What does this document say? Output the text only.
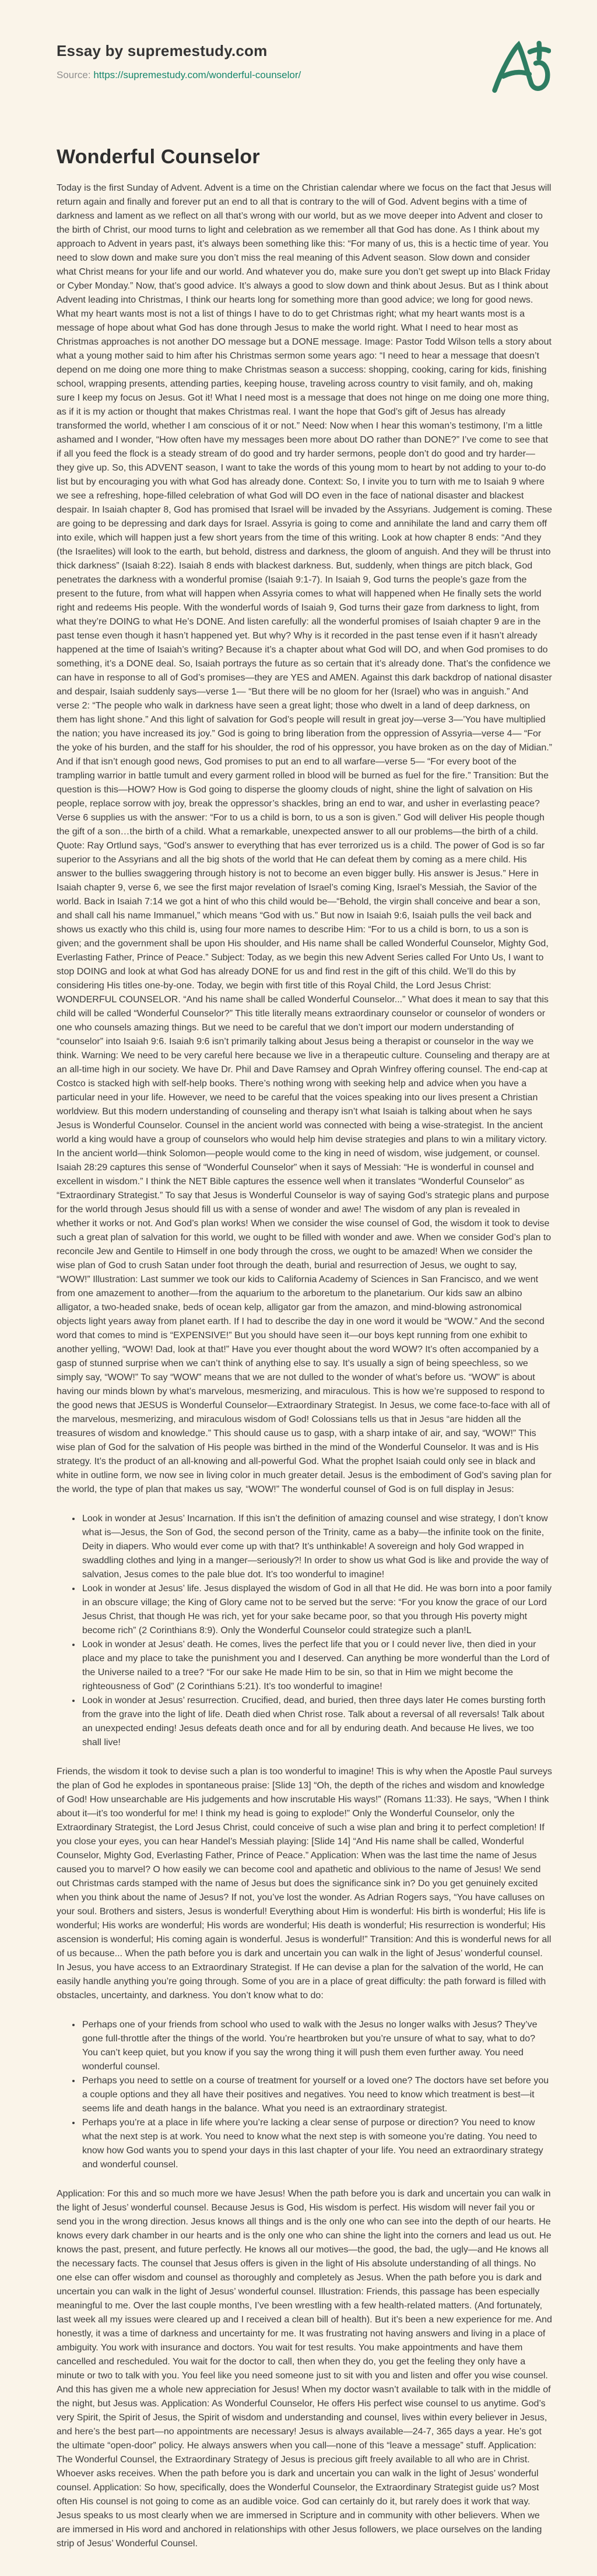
Essay by supremestudy.com
Source: https://supremestudy.com/wonderful-counselor/
Wonderful Counselor

Today is the first Sunday of Advent. Advent is a time on the Christian calendar where we focus on the fact that Jesus will return again and finally and forever put an end to all that is contrary to the will of God. Advent begins with a time of darkness and lament as we reflect on all that’s wrong with our world, but as we move deeper into Advent and closer to the birth of Christ, our mood turns to light and celebration as we remember all that God has done. As I think about my approach to Advent in years past, it’s always been something like this: “For many of us, this is a hectic time of year. You need to slow down and make sure you don’t miss the real meaning of this Advent season. Slow down and consider what Christ means for your life and our world. And whatever you do, make sure you don’t get swept up into Black Friday or Cyber Monday.” Now, that’s good advice. It’s always a good to slow down and think about Jesus. But as I think about Advent leading into Christmas, I think our hearts long for something more than good advice; we long for good news. What my heart wants most is not a list of things I have to do to get Christmas right; what my heart wants most is a message of hope about what God has done through Jesus to make the world right. What I need to hear most as Christmas approaches is not another DO message but a DONE message. Image: Pastor Todd Wilson tells a story about what a young mother said to him after his Christmas sermon some years ago: “I need to hear a message that doesn’t depend on me doing one more thing to make Christmas season a success: shopping, cooking, caring for kids, finishing school, wrapping presents, attending parties, keeping house, traveling across country to visit family, and oh, making sure I keep my focus on Jesus. Got it! What I need most is a message that does not hinge on me doing one more thing, as if it is my action or thought that makes Christmas real. I want the hope that God’s gift of Jesus has already transformed the world, whether I am conscious of it or not.” Need: Now when I hear this woman’s testimony, I’m a little ashamed and I wonder, “How often have my messages been more about DO rather than DONE?” I’ve come to see that if all you feed the flock is a steady stream of do good and try harder sermons, people don’t do good and try harder—they give up. So, this ADVENT season, I want to take the words of this young mom to heart by not adding to your to-do list but by encouraging you with what God has already done. Context: So, I invite you to turn with me to Isaiah 9 where we see a refreshing, hope-filled celebration of what God will DO even in the face of national disaster and blackest despair. In Isaiah chapter 8, God has promised that Israel will be invaded by the Assyrians. Judgement is coming. These are going to be depressing and dark days for Israel. Assyria is going to come and annihilate the land and carry them off into exile, which will happen just a few short years from the time of this writing. Look at how chapter 8 ends: “And they (the Israelites) will look to the earth, but behold, distress and darkness, the gloom of anguish. And they will be thrust into thick darkness” (Isaiah 8:22). Isaiah 8 ends with blackest darkness. But, suddenly, when things are pitch black, God penetrates the darkness with a wonderful promise (Isaiah 9:1-7). In Isaiah 9, God turns the people’s gaze from the present to the future, from what will happen when Assyria comes to what will happened when He finally sets the world right and redeems His people. With the wonderful words of Isaiah 9, God turns their gaze from darkness to light, from what they’re DOING to what He’s DONE. And listen carefully: all the wonderful promises of Isaiah chapter 9 are in the past tense even though it hasn’t happened yet. But why? Why is it recorded in the past tense even if it hasn’t already happened at the time of Isaiah’s writing? Because it’s a chapter about what God will DO, and when God promises to do something, it’s a DONE deal. So, Isaiah portrays the future as so certain that it’s already done. That’s the confidence we can have in response to all of God’s promises—they are YES and AMEN. Against this dark backdrop of national disaster and despair, Isaiah suddenly says—verse 1— “But there will be no gloom for her (Israel) who was in anguish.” And verse 2: “The people who walk in darkness have seen a great light; those who dwelt in a land of deep darkness, on them has light shone.” And this light of salvation for God’s people will result in great joy—verse 3—’You have multiplied the nation; you have increased its joy.” God is going to bring liberation from the oppression of Assyria—verse 4— “For the yoke of his burden, and the staff for his shoulder, the rod of his oppressor, you have broken as on the day of Midian.” And if that isn’t enough good news, God promises to put an end to all warfare—verse 5— “For every boot of the trampling warrior in battle tumult and every garment rolled in blood will be burned as fuel for the fire.” Transition: But the question is this—HOW? How is God going to disperse the gloomy clouds of night, shine the light of salvation on His people, replace sorrow with joy, break the oppressor’s shackles, bring an end to war, and usher in everlasting peace? Verse 6 supplies us with the answer: “For to us a child is born, to us a son is given.” God will deliver His people though the gift of a son…the birth of a child. What a remarkable, unexpected answer to all our problems—the birth of a child. Quote: Ray Ortlund says, “God’s answer to everything that has ever terrorized us is a child. The power of God is so far superior to the Assyrians and all the big shots of the world that He can defeat them by coming as a mere child. His answer to the bullies swaggering through history is not to become an even bigger bully. His answer is Jesus.” Here in Isaiah chapter 9, verse 6, we see the first major revelation of Israel’s coming King, Israel’s Messiah, the Savior of the world. Back in Isaiah 7:14 we got a hint of who this child would be—“Behold, the virgin shall conceive and bear a son, and shall call his name Immanuel,” which means “God with us.” But now in Isaiah 9:6, Isaiah pulls the veil back and shows us exactly who this child is, using four more names to describe Him: “For to us a child is born, to us a son is given; and the government shall be upon His shoulder, and His name shall be called Wonderful Counselor, Mighty God, Everlasting Father, Prince of Peace.” Subject: Today, as we begin this new Advent Series called For Unto Us, I want to stop DOING and look at what God has already DONE for us and find rest in the gift of this child. We’ll do this by considering His titles one-by-one. Today, we begin with first title of this Royal Child, the Lord Jesus Christ: WONDERFUL COUNSELOR. “And his name shall be called Wonderful Counselor...” What does it mean to say that this child will be called “Wonderful Counselor?” This title literally means extraordinary counselor or counselor of wonders or one who counsels amazing things. But we need to be careful that we don’t import our modern understanding of “counselor” into Isaiah 9:6. Isaiah 9:6 isn’t primarily talking about Jesus being a therapist or counselor in the way we think. Warning: We need to be very careful here because we live in a therapeutic culture. Counseling and therapy are at an all-time high in our society. We have Dr. Phil and Dave Ramsey and Oprah Winfrey offering counsel. The end-cap at Costco is stacked high with self-help books. There’s nothing wrong with seeking help and advice when you have a particular need in your life. However, we need to be careful that the voices speaking into our lives present a Christian worldview. But this modern understanding of counseling and therapy isn’t what Isaiah is talking about when he says Jesus is Wonderful Counselor. Counsel in the ancient world was connected with being a wise-strategist. In the ancient world a king would have a group of counselors who would help him devise strategies and plans to win a military victory. In the ancient world—think Solomon—people would come to the king in need of wisdom, wise judgement, or counsel. Isaiah 28:29 captures this sense of “Wonderful Counselor” when it says of Messiah: “He is wonderful in counsel and excellent in wisdom.” I think the NET Bible captures the essence well when it translates “Wonderful Counselor” as “Extraordinary Strategist.” To say that Jesus is Wonderful Counselor is way of saying God’s strategic plans and purpose for the world through Jesus should fill us with a sense of wonder and awe! The wisdom of any plan is revealed in whether it works or not. And God’s plan works! When we consider the wise counsel of God, the wisdom it took to devise such a great plan of salvation for this world, we ought to be filled with wonder and awe. When we consider God’s plan to reconcile Jew and Gentile to Himself in one body through the cross, we ought to be amazed! When we consider the wise plan of God to crush Satan under foot through the death, burial and resurrection of Jesus, we ought to say, “WOW!” Illustration: Last summer we took our kids to California Academy of Sciences in San Francisco, and we went from one amazement to another—from the aquarium to the arboretum to the planetarium. Our kids saw an albino alligator, a two-headed snake, beds of ocean kelp, alligator gar from the amazon, and mind-blowing astronomical objects light years away from planet earth. If I had to describe the day in one word it would be “WOW.” And the second word that comes to mind is “EXPENSIVE!” But you should have seen it—our boys kept running from one exhibit to another yelling, “WOW! Dad, look at that!” Have you ever thought about the word WOW? It’s often accompanied by a gasp of stunned surprise when we can’t think of anything else to say. It’s usually a sign of being speechless, so we simply say, “WOW!” To say “WOW” means that we are not dulled to the wonder of what’s before us. “WOW” is about having our minds blown by what’s marvelous, mesmerizing, and miraculous. This is how we’re supposed to respond to the good news that JESUS is Wonderful Counselor—Extraordinary Strategist. In Jesus, we come face-to-face with all of the marvelous, mesmerizing, and miraculous wisdom of God! Colossians tells us that in Jesus “are hidden all the treasures of wisdom and knowledge.” This should cause us to gasp, with a sharp intake of air, and say, “WOW!” This wise plan of God for the salvation of His people was birthed in the mind of the Wonderful Counselor. It was and is His strategy. It’s the product of an all-knowing and all-powerful God. What the prophet Isaiah could only see in black and white in outline form, we now see in living color in much greater detail. Jesus is the embodiment of God’s saving plan for the world, the type of plan that makes us say, “WOW!” The wonderful counsel of God is on full display in Jesus:

• Look in wonder at Jesus’ Incarnation. If this isn’t the definition of amazing counsel and wise strategy, I don’t know what is—Jesus, the Son of God, the second person of the Trinity, came as a baby—the infinite took on the finite, Deity in diapers. Who would ever come up with that? It’s unthinkable! A sovereign and holy God wrapped in swaddling clothes and lying in a manger—seriously?! In order to show us what God is like and provide the way of salvation, Jesus comes to the pale blue dot. It’s too wonderful to imagine!
• Look in wonder at Jesus’ life. Jesus displayed the wisdom of God in all that He did. He was born into a poor family in an obscure village; the King of Glory came not to be served but the serve: “For you know the grace of our Lord Jesus Christ, that though He was rich, yet for your sake became poor, so that you through His poverty might become rich” (2 Corinthians 8:9). Only the Wonderful Counselor could strategize such a plan!L
• Look in wonder at Jesus’ death. He comes, lives the perfect life that you or I could never live, then died in your place and my place to take the punishment you and I deserved. Can anything be more wonderful than the Lord of the Universe nailed to a tree? “For our sake He made Him to be sin, so that in Him we might become the righteousness of God” (2 Corinthians 5:21). It’s too wonderful to imagine!
• Look in wonder at Jesus’ resurrection. Crucified, dead, and buried, then three days later He comes bursting forth from the grave into the light of life. Death died when Christ rose. Talk about a reversal of all reversals! Talk about an unexpected ending! Jesus defeats death once and for all by enduring death. And because He lives, we too shall live!

Friends, the wisdom it took to devise such a plan is too wonderful to imagine! This is why when the Apostle Paul surveys the plan of God he explodes in spontaneous praise: [Slide 13] “Oh, the depth of the riches and wisdom and knowledge of God! How unsearchable are His judgements and how inscrutable His ways!” (Romans 11:33). He says, “When I think about it—it’s too wonderful for me! I think my head is going to explode!” Only the Wonderful Counselor, only the Extraordinary Strategist, the Lord Jesus Christ, could conceive of such a wise plan and bring it to perfect completion! If you close your eyes, you can hear Handel’s Messiah playing: [Slide 14] “And His name shall be called, Wonderful Counselor, Mighty God, Everlasting Father, Prince of Peace.” Application: When was the last time the name of Jesus caused you to marvel? O how easily we can become cool and apathetic and oblivious to the name of Jesus! We send out Christmas cards stamped with the name of Jesus but does the significance sink in? Do you get genuinely excited when you think about the name of Jesus? If not, you’ve lost the wonder. As Adrian Rogers says, “You have calluses on your soul. Brothers and sisters, Jesus is wonderful! Everything about Him is wonderful: His birth is wonderful; His life is wonderful; His works are wonderful; His words are wonderful; His death is wonderful; His resurrection is wonderful; His ascension is wonderful; His coming again is wonderful. Jesus is wonderful!” Transition: And this is wonderful news for all of us because... When the path before you is dark and uncertain you can walk in the light of Jesus’ wonderful counsel. In Jesus, you have access to an Extraordinary Strategist. If He can devise a plan for the salvation of the world, He can easily handle anything you’re going through. Some of you are in a place of great difficulty: the path forward is filled with obstacles, uncertainty, and darkness. You don’t know what to do:

• Perhaps one of your friends from school who used to walk with the Jesus no longer walks with Jesus? They’ve gone full-throttle after the things of the world. You’re heartbroken but you’re unsure of what to say, what to do? You can’t keep quiet, but you know if you say the wrong thing it will push them even further away. You need wonderful counsel.
• Perhaps you need to settle on a course of treatment for yourself or a loved one? The doctors have set before you a couple options and they all have their positives and negatives. You need to know which treatment is best—it seems life and death hangs in the balance. What you need is an extraordinary strategist.
• Perhaps you’re at a place in life where you’re lacking a clear sense of purpose or direction? You need to know what the next step is at work. You need to know what the next step is with someone you’re dating. You need to know how God wants you to spend your days in this last chapter of your life. You need an extraordinary strategy and wonderful counsel.

Application: For this and so much more we have Jesus! When the path before you is dark and uncertain you can walk in the light of Jesus’ wonderful counsel. Because Jesus is God, His wisdom is perfect. His wisdom will never fail you or send you in the wrong direction. Jesus knows all things and is the only one who can see into the depth of our hearts. He knows every dark chamber in our hearts and is the only one who can shine the light into the corners and lead us out. He knows the past, present, and future perfectly. He knows all our motives—the good, the bad, the ugly—and He knows all the necessary facts. The counsel that Jesus offers is given in the light of His absolute understanding of all things. No one else can offer wisdom and counsel as thoroughly and completely as Jesus. When the path before you is dark and uncertain you can walk in the light of Jesus’ wonderful counsel. Illustration: Friends, this passage has been especially meaningful to me. Over the last couple months, I’ve been wrestling with a few health-related matters. (And fortunately, last week all my issues were cleared up and I received a clean bill of health). But it’s been a new experience for me. And honestly, it was a time of darkness and uncertainty for me. It was frustrating not having answers and living in a place of ambiguity. You work with insurance and doctors. You wait for test results. You make appointments and have them cancelled and rescheduled. You wait for the doctor to call, then when they do, you get the feeling they only have a minute or two to talk with you. You feel like you need someone just to sit with you and listen and offer you wise counsel. And this has given me a whole new appreciation for Jesus! When my doctor wasn’t available to talk with in the middle of the night, but Jesus was. Application: As Wonderful Counselor, He offers His perfect wise counsel to us anytime. God’s very Spirit, the Spirit of Jesus, the Spirit of wisdom and understanding and counsel, lives within every believer in Jesus, and here’s the best part—no appointments are necessary! Jesus is always available—24-7, 365 days a year. He’s got the ultimate “open-door” policy. He always answers when you call—none of this “leave a message” stuff. Application: The Wonderful Counsel, the Extraordinary Strategy of Jesus is precious gift freely available to all who are in Christ. Whoever asks receives. When the path before you is dark and uncertain you can walk in the light of Jesus’ wonderful counsel. Application: So how, specifically, does the Wonderful Counselor, the Extraordinary Strategist guide us? Most often His counsel is not going to come as an audible voice. God can certainly do it, but rarely does it work that way. Jesus speaks to us most clearly when we are immersed in Scripture and in community with other believers. When we are immersed in His word and anchored in relationships with other Jesus followers, we place ourselves on the landing strip of Jesus’ Wonderful Counsel.
